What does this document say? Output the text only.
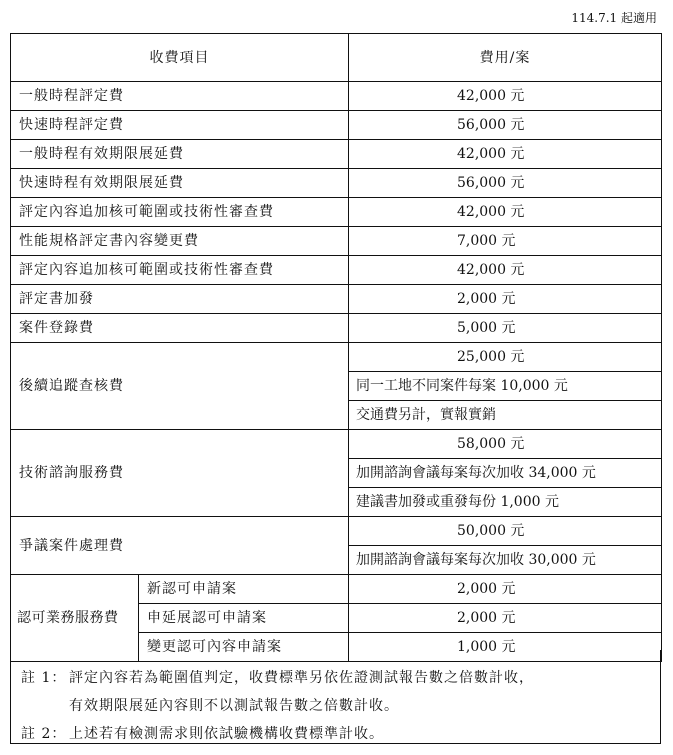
114.7.1 起適用
收費項目		費用/案
一般時程評定費		42,000 元
快速時程評定費		56,000 元
一般時程有效期限展延費		42,000 元
快速時程有效期限展延費		56,000 元
評定內容追加核可範圍或技術性審查費		42,000 元
性能規格評定書內容變更費		7,000 元
評定內容追加核可範圍或技術性審查費		42,000 元
評定書加發		2,000 元
案件登錄費		5,000 元
後續追蹤查核費		25,000 元
		同一工地不同案件每案 10,000 元
		交通費另計，實報實銷
技術諮詢服務費		58,000 元
		加開諮詢會議每案每次加收 34,000 元
		建議書加發或重發每份 1,000 元
爭議案件處理費		50,000 元
		加開諮詢會議每案每次加收 30,000 元
認可業務服務費	新認可申請案	2,000 元
	申延展認可申請案	2,000 元
	變更認可內容申請案	1,000 元
註 1： 評定內容若為範圍值判定，收費標準另依佐證測試報告數之倍數計收，
有效期限展延內容則不以測試報告數之倍數計收。
註 2： 上述若有檢測需求則依試驗機構收費標準計收。
